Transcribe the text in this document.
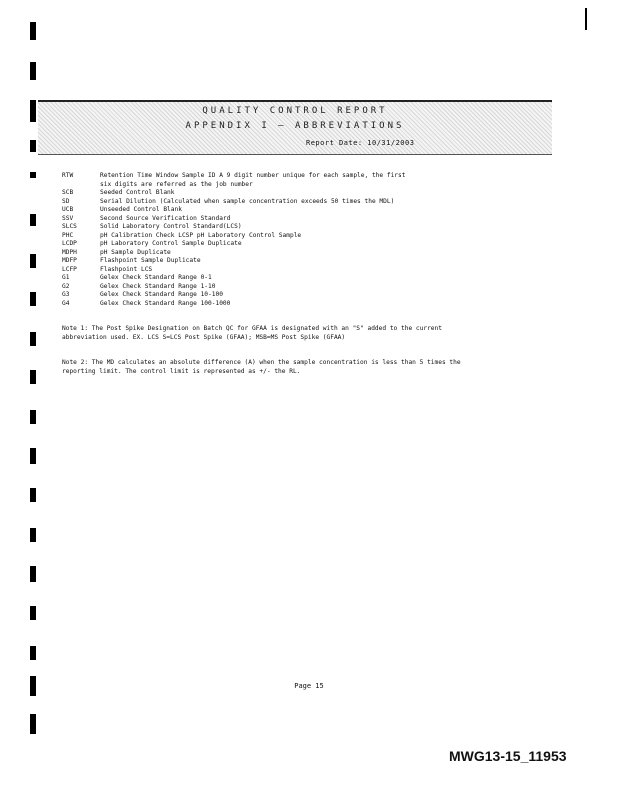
QUALITY CONTROL REPORT
APPENDIX I — ABBREVIATIONS
Report Date: 10/31/2003
RTW	Retention Time Window Sample ID A 9 digit number unique for each sample, the first
six digits are referred as the job number
SCB	Seeded Control Blank
SD	Serial Dilution (Calculated when sample concentration exceeds 50 times the MDL)
UCB	Unseeded Control Blank
SSV	Second Source Verification Standard
SLCS	Solid Laboratory Control Standard(LCS)
PHC	pH Calibration Check LCSP pH Laboratory Control Sample
LCDP	pH Laboratory Control Sample Duplicate
MDPH	pH Sample Duplicate
MDFP	Flashpoint Sample Duplicate
LCFP	Flashpoint LCS
G1	Gelex Check Standard Range 0-1
G2	Gelex Check Standard Range 1-10
G3	Gelex Check Standard Range 10-100
G4	Gelex Check Standard Range 100-1000

Note 1: The Post Spike Designation on Batch QC for GFAA is designated with an "S" added to the current
abbreviation used. EX. LCS S=LCS Post Spike (GFAA); MSB=MS Post Spike (GFAA)

Note 2: The MD calculates an absolute difference (A) when the sample concentration is less than 5 times the
reporting limit. The control limit is represented as +/- the RL.

Page 15
MWG13-15_11953
